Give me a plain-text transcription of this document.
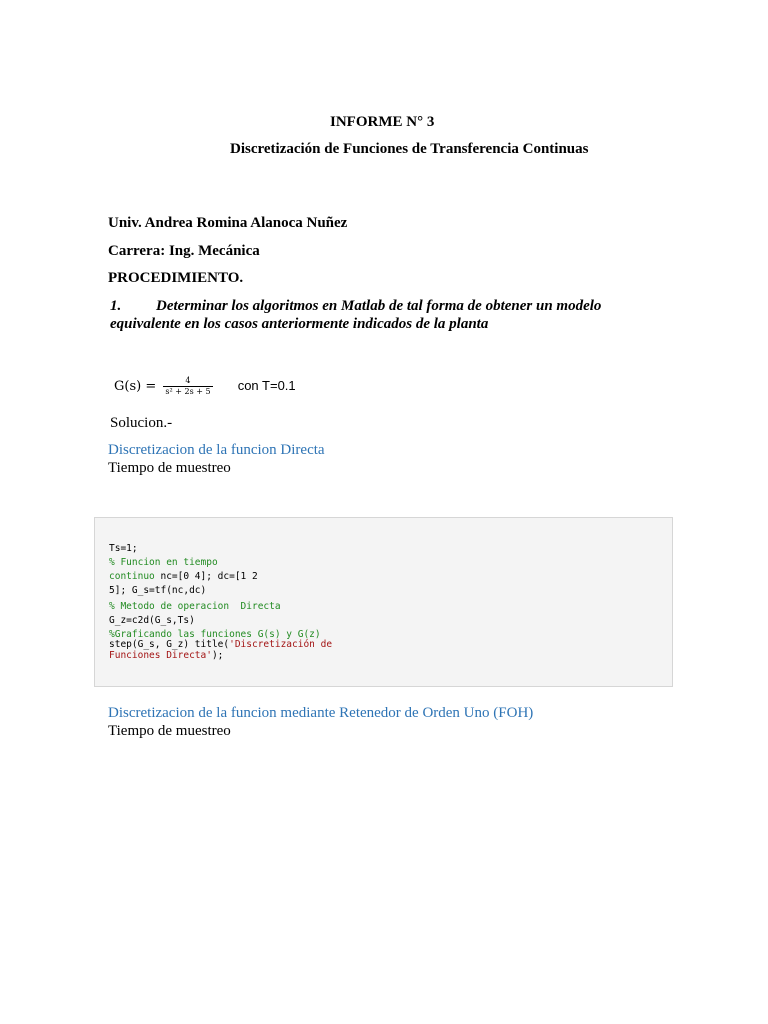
INFORME N° 3
Discretización de Funciones de Transferencia Continuas
Univ. Andrea Romina Alanoca Nuñez
Carrera: Ing. Mecánica
PROCEDIMIENTO.
1. Determinar los algoritmos en Matlab de tal forma de obtener un modelo
equivalente en los casos anteriormente indicados de la planta
$G(s) = \frac{4}{\text{s² + 2s + 5}}$ con T=0.1
Solucion.-
Discretizacion de la funcion Directa
Tiempo de muestreo
Ts=1;
% Funcion en tiempo
continuo nc=[0 4]; dc=[1 2
5]; G_s=tf(nc,dc)
% Metodo de operacion  Directa
G_z=c2d(G_s,Ts)
%Graficando las funciones G(s) y G(z)
step(G_s, G_z) title('Discretización de
Funciones Directa');
Discretizacion de la funcion mediante Retenedor de Orden Uno (FOH)
Tiempo de muestreo
